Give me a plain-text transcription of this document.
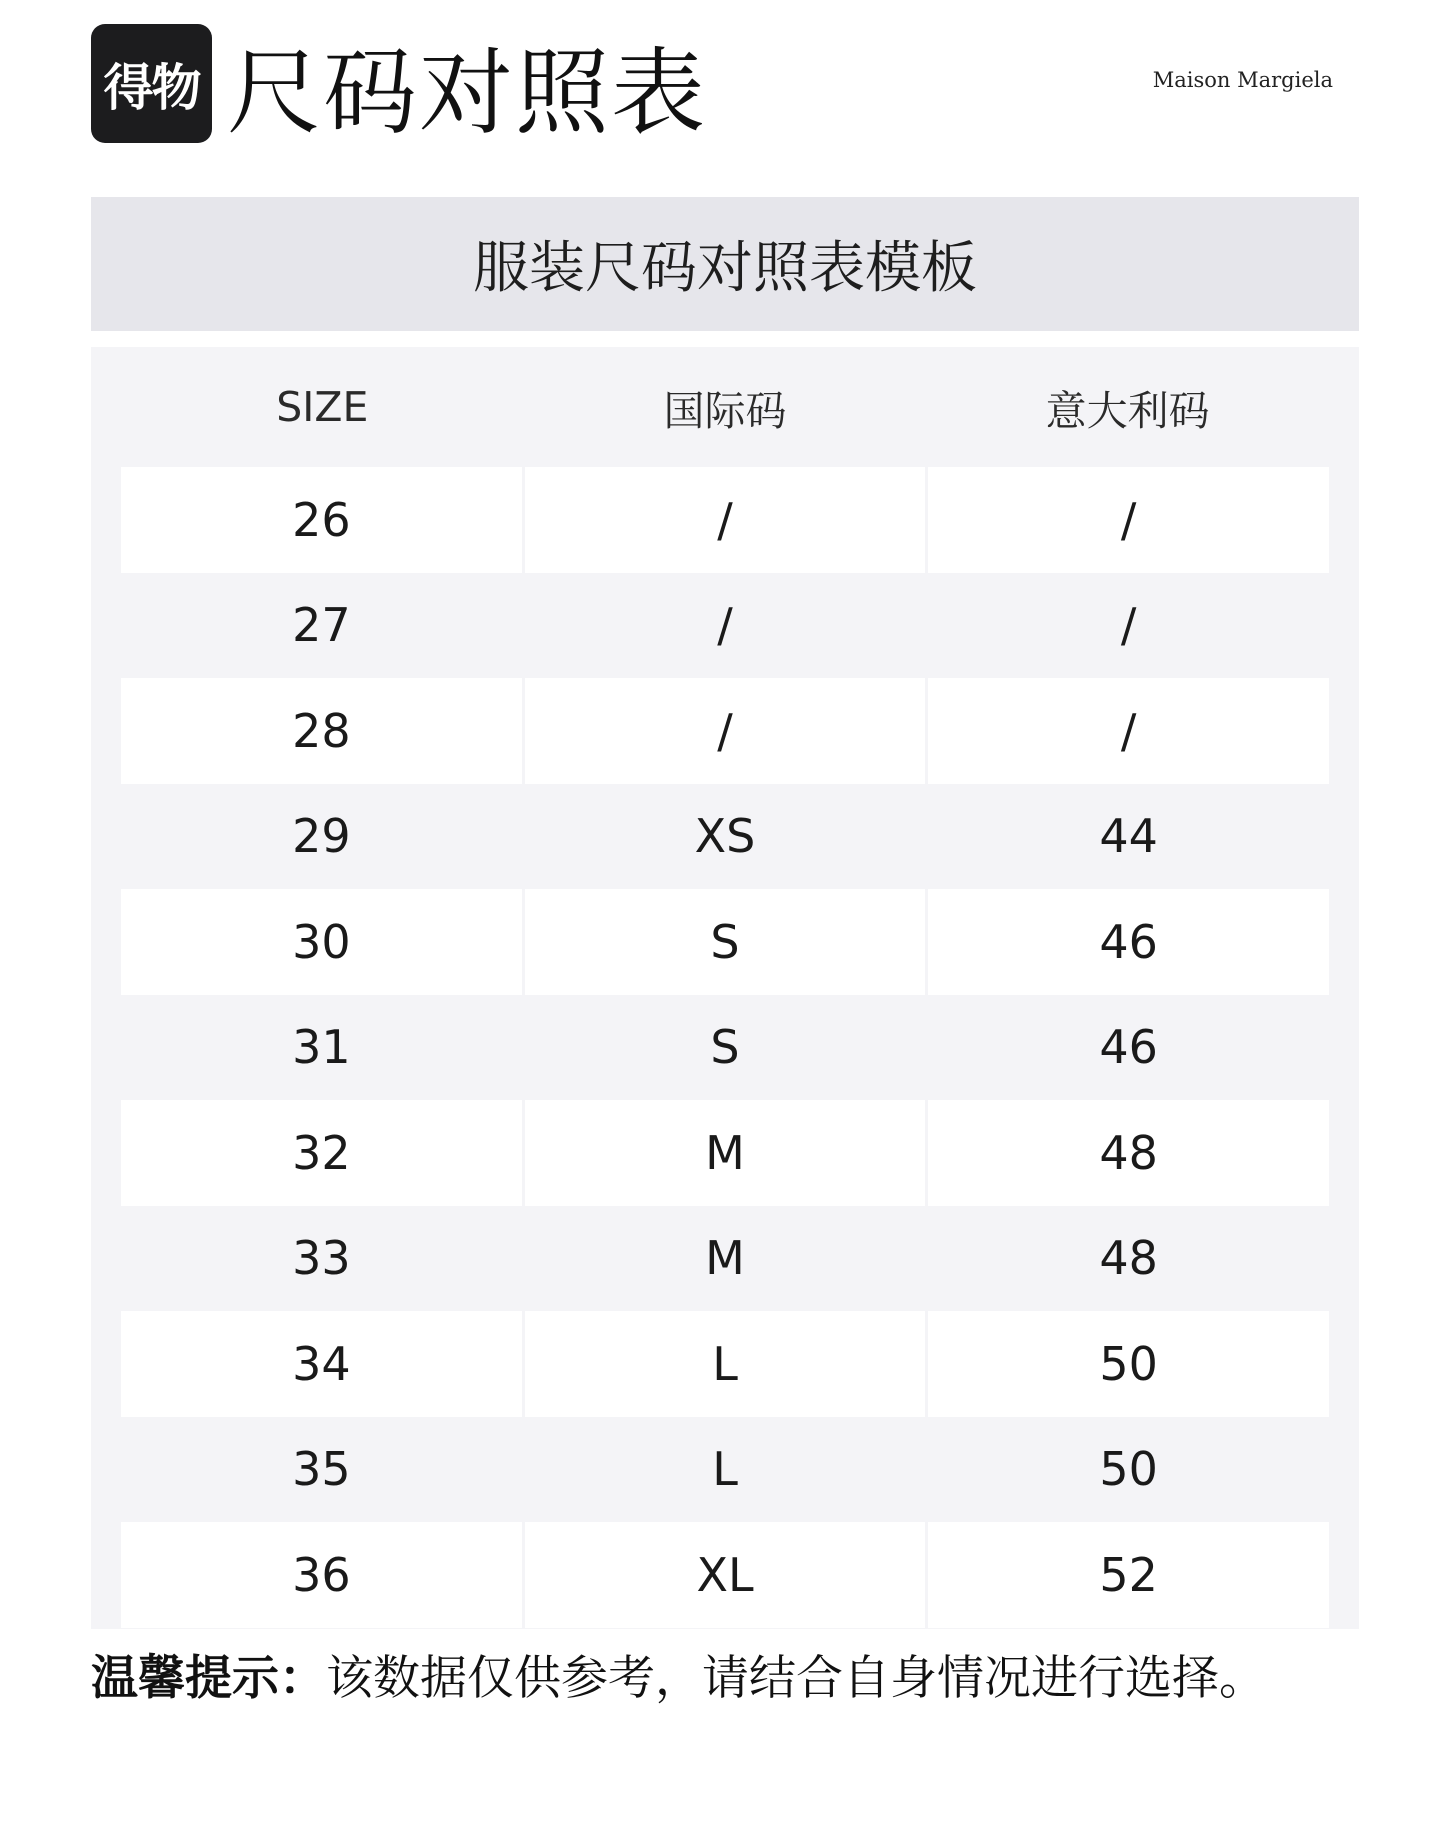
得物 尺码对照表	Maison Margiela
服装尺码对照表模板
SIZE	国际码	意大利码
26	/	/
27	/	/
28	/	/
29	XS	44
30	S	46
31	S	46
32	M	48
33	M	48
34	L	50
35	L	50
36	XL	52
温馨提示：该数据仅供参考，请结合自身情况进行选择。
